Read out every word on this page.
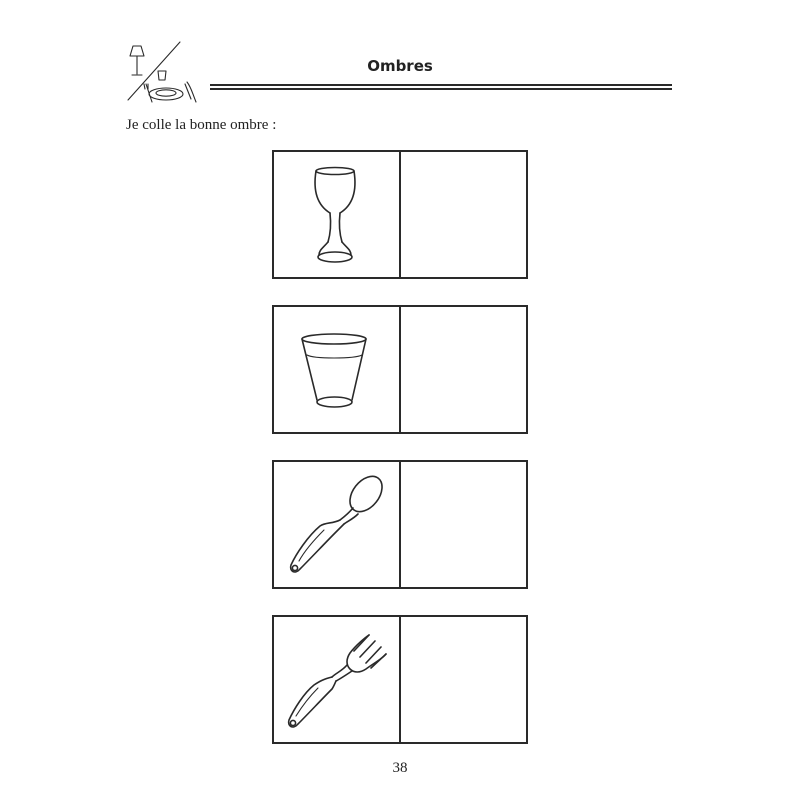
Ombres
Je colle la bonne ombre :
38
